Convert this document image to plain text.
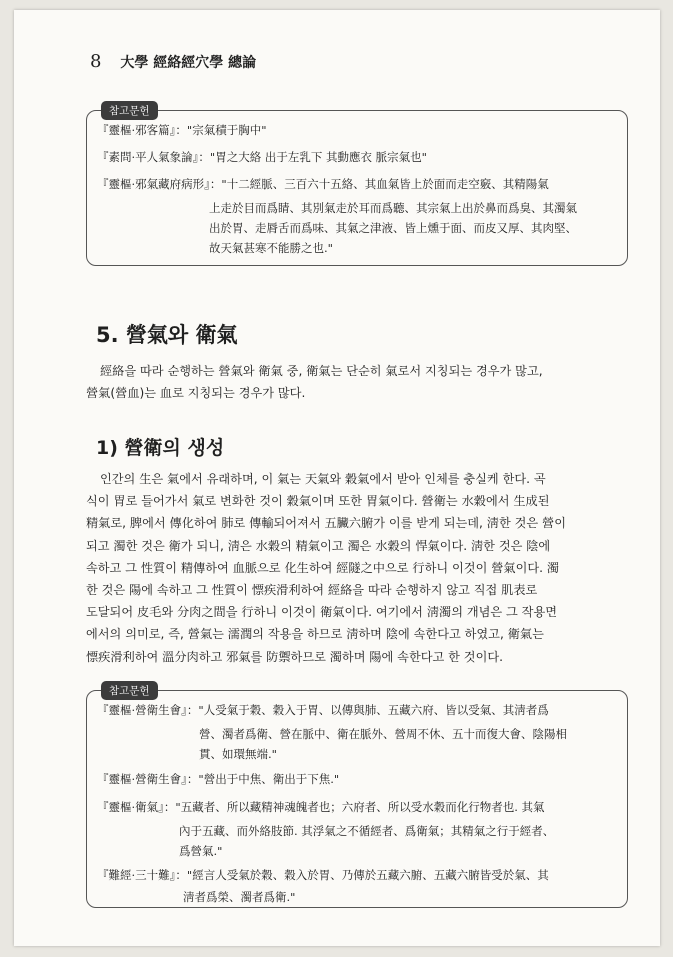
8 大學 經絡經穴學 總論
참고문헌
『靈樞·邪客篇』："宗氣積于胸中"
『素問·平人氣象論』："胃之大絡 出于左乳下 其動應衣 脈宗氣也"
『靈樞·邪氣藏府病形』："十二經脈、三百六十五絡、其血氣皆上於面而走空竅、其精陽氣
上走於目而爲睛、其別氣走於耳而爲聽、其宗氣上出於鼻而爲臭、其濁氣
出於胃、走脣舌而爲味、其氣之津液、皆上燻于面、而皮又厚、其肉堅、
故天氣甚寒不能勝之也."
5. 營氣와 衛氣
經絡을 따라 순행하는 營氣와 衛氣 중, 衛氣는 단순히 氣로서 지칭되는 경우가 많고,
營氣(營血)는 血로 지칭되는 경우가 많다.
1) 營衛의 생성
인간의 生은 氣에서 유래하며, 이 氣는 天氣와 穀氣에서 받아 인체를 충실케 한다. 곡
식이 胃로 들어가서 氣로 변화한 것이 穀氣이며 또한 胃氣이다. 營衛는 水穀에서 生成된
精氣로, 脾에서 傳化하여 肺로 傳輸되어져서 五臟六腑가 이를 받게 되는데, 淸한 것은 營이
되고 濁한 것은 衛가 되니, 淸은 水穀의 精氣이고 濁은 水穀의 悍氣이다. 淸한 것은 陰에
속하고 그 性質이 精傳하여 血脈으로 化生하여 經隧之中으로 行하니 이것이 營氣이다. 濁
한 것은 陽에 속하고 그 性質이 慓疾滑利하여 經絡을 따라 순행하지 않고 직접 肌表로
도달되어 皮毛와 分肉之間을 行하니 이것이 衛氣이다. 여기에서 淸濁의 개념은 그 작용면
에서의 의미로, 즉, 營氣는 濡潤의 작용을 하므로 淸하며 陰에 속한다고 하였고, 衛氣는
慓疾滑利하여 溫分肉하고 邪氣를 防禦하므로 濁하며 陽에 속한다고 한 것이다.
참고문헌
『靈樞·營衛生會』："人受氣于穀、穀入于胃、以傳與肺、五藏六府、皆以受氣、其淸者爲
營、濁者爲衛、營在脈中、衛在脈外、營周不休、五十而復大會、陰陽相
貫、如環無端."
『靈樞·營衛生會』："營出于中焦、衛出于下焦."
『靈樞·衛氣』："五藏者、所以藏精神魂魄者也；六府者、所以受水穀而化行物者也. 其氣
內于五藏、而外絡肢節. 其浮氣之不循經者、爲衛氣；其精氣之行于經者、
爲營氣."
『難經·三十難』："經言人受氣於穀、穀入於胃、乃傳於五藏六腑、五藏六腑皆受於氣、其
淸者爲榮、濁者爲衛."
